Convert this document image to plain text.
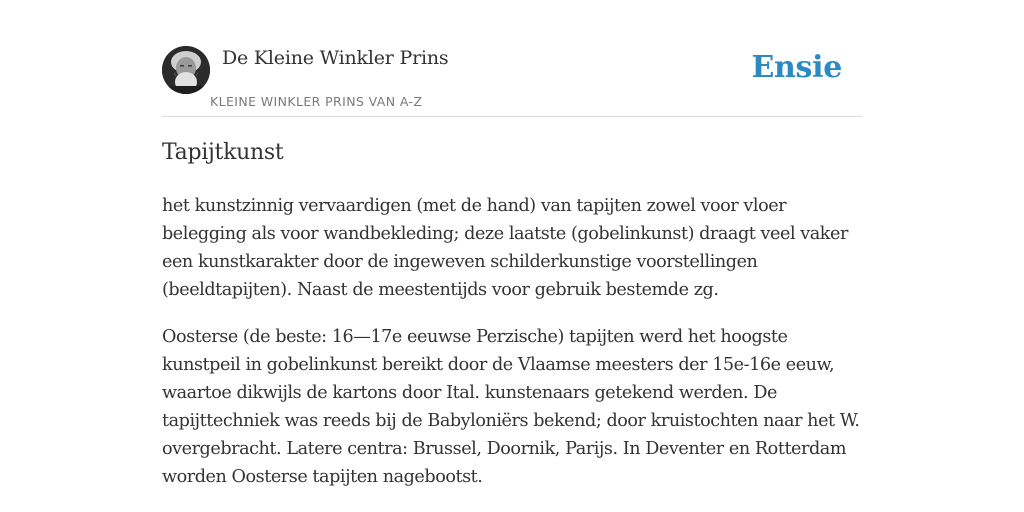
De Kleine Winkler Prins
KLEINE WINKLER PRINS VAN A-Z
Ensie
Tapijtkunst

het kunstzinnig vervaardigen (met de hand) van tapijten zowel voor vloer belegging als voor wandbekleding; deze laatste (gobelinkunst) draagt veel vaker een kunstkarakter door de ingeweven schilderkunstige voorstellingen (beeldtapijten). Naast de meestentijds voor gebruik bestemde zg.

Oosterse (de beste: 16—17e eeuwse Perzische) tapijten werd het hoogste kunstpeil in gobelinkunst bereikt door de Vlaamse meesters der 15e-16e eeuw, waartoe dikwijls de kartons door Ital. kunstenaars getekend werden. De tapijttechniek was reeds bij de Babyloniërs bekend; door kruistochten naar het W. overgebracht. Latere centra: Brussel, Doornik, Parijs. In Deventer en Rotterdam worden Oosterse tapijten nagebootst.
